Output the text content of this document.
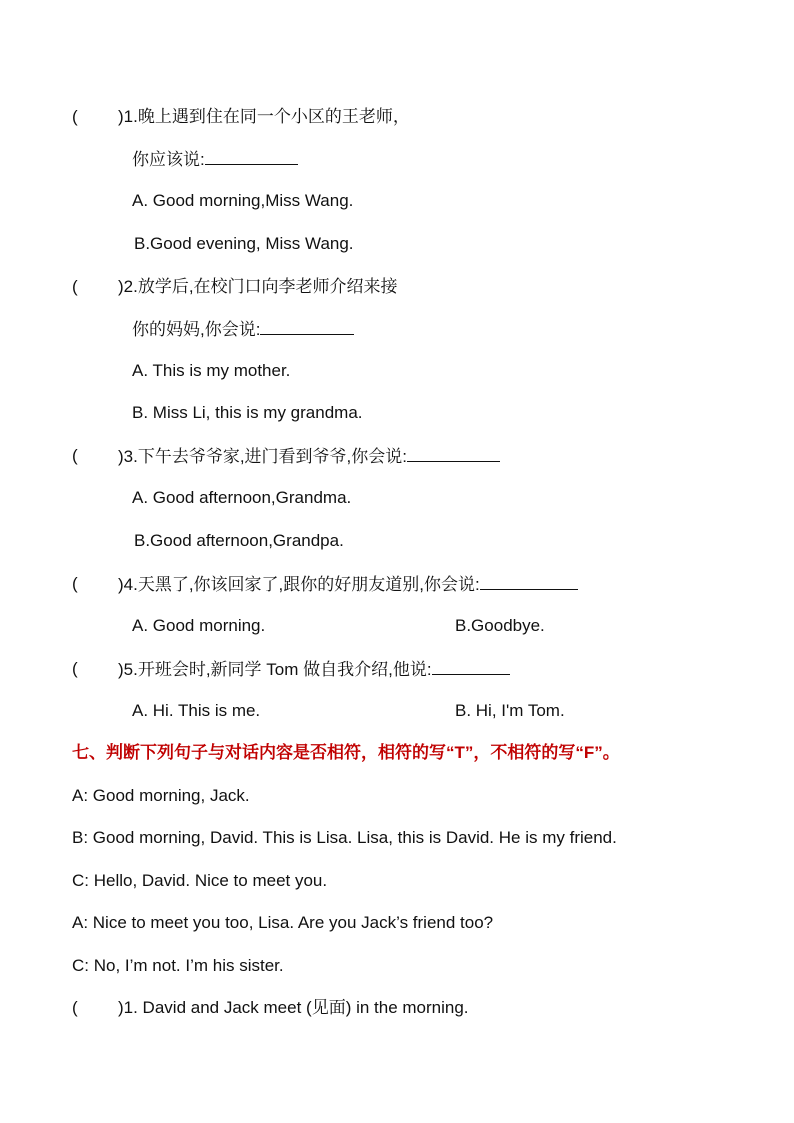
( )1.晚上遇到住在同一个小区的王老师，
你应该说:
A. Good morning,Miss Wang.
B.Good evening, Miss Wang.
( )2.放学后,在校门口向李老师介绍来接
你的妈妈,你会说:
A. This is my mother.
B. Miss Li, this is my grandma.
( )3.下午去爷爷家,进门看到爷爷,你会说:
A. Good afternoon,Grandma.
B.Good afternoon,Grandpa.
( )4.天黑了,你该回家了,跟你的好朋友道别,你会说:
A. Good morning.	B.Goodbye.
( )5.开班会时,新同学 Tom 做自我介绍,他说:
A. Hi. This is me.	B. Hi, I'm Tom.
七、判断下列句子与对话内容是否相符，相符的写“T”，不相符的写“F”。
A: Good morning, Jack.
B: Good morning, David. This is Lisa. Lisa, this is David. He is my friend.
C: Hello, David. Nice to meet you.
A: Nice to meet you too, Lisa. Are you Jack’s friend too?
C: No, I’m not. I’m his sister.
( )1. David and Jack meet (见面) in the morning.
